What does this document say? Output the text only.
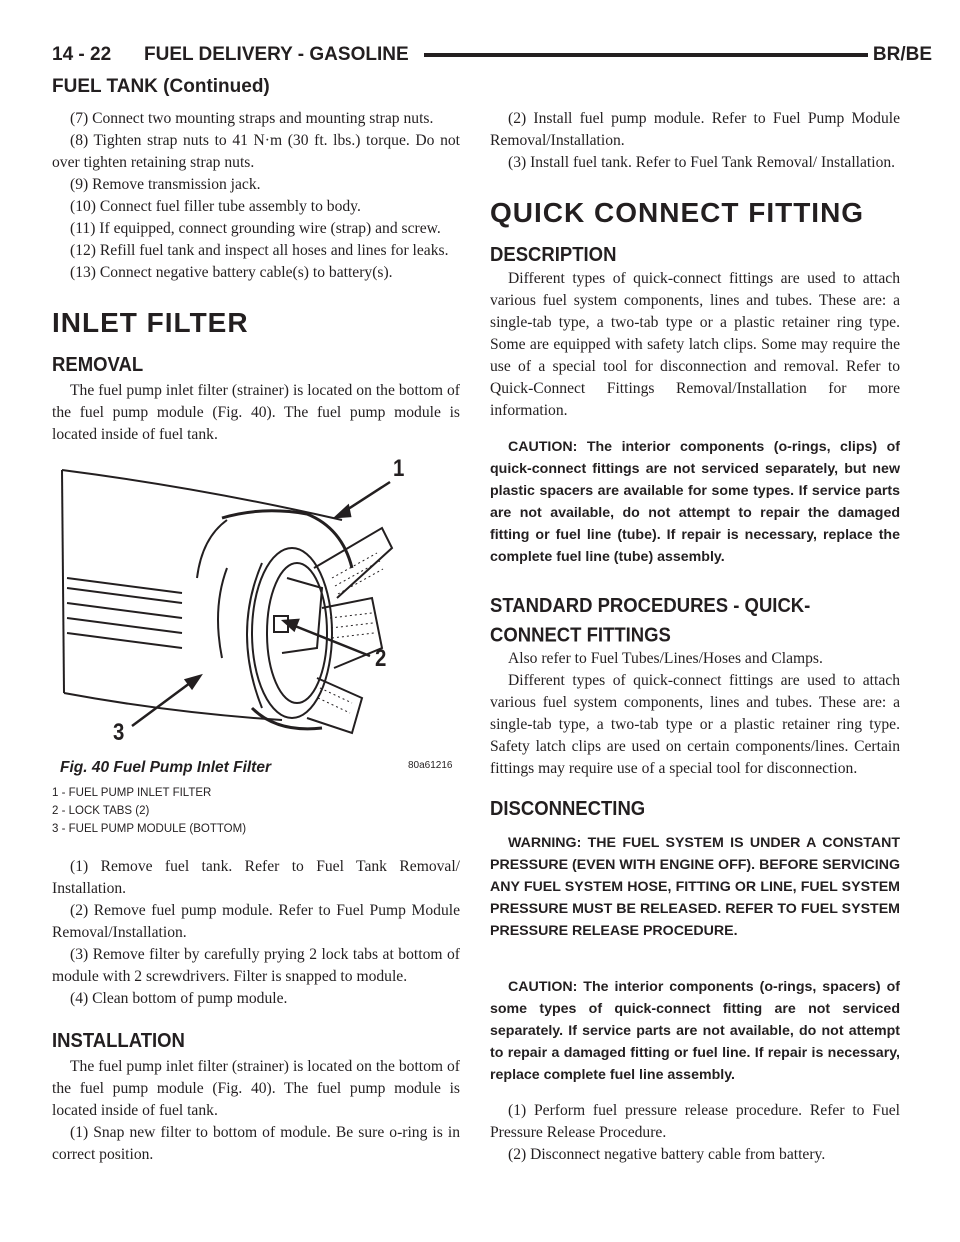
14 - 22 FUEL DELIVERY - GASOLINE	BR/BE
FUEL TANK (Continued)

(7) Connect two mounting straps and mounting strap nuts.

(8) Tighten strap nuts to 41 N·m (30 ft. lbs.) torque. Do not over tighten retaining strap nuts.

(9) Remove transmission jack.

(10) Connect fuel filler tube assembly to body.

(11) If equipped, connect grounding wire (strap) and screw.

(12) Refill fuel tank and inspect all hoses and lines for leaks.

(13) Connect negative battery cable(s) to battery(s).

INLET FILTER
REMOVAL

The fuel pump inlet filter (strainer) is located on the bottom of the fuel pump module (Fig. 40). The fuel pump module is located inside of fuel tank.

1
2
3
Fig. 40 Fuel Pump Inlet Filter	80a61216
1 - FUEL PUMP INLET FILTER
2 - LOCK TABS (2)
3 - FUEL PUMP MODULE (BOTTOM)

(1) Remove fuel tank. Refer to Fuel Tank Removal/ Installation.

(2) Remove fuel pump module. Refer to Fuel Pump Module Removal/Installation.

(3) Remove filter by carefully prying 2 lock tabs at bottom of module with 2 screwdrivers. Filter is snapped to module.

(4) Clean bottom of pump module.

INSTALLATION

The fuel pump inlet filter (strainer) is located on the bottom of the fuel pump module (Fig. 40). The fuel pump module is located inside of fuel tank.

(1) Snap new filter to bottom of module. Be sure o-ring is in correct position.

(2) Install fuel pump module. Refer to Fuel Pump Module Removal/Installation.

(3) Install fuel tank. Refer to Fuel Tank Removal/ Installation.

QUICK CONNECT FITTING
DESCRIPTION

Different types of quick-connect fittings are used to attach various fuel system components, lines and tubes. These are: a single-tab type, a two-tab type or a plastic retainer ring type. Some are equipped with safety latch clips. Some may require the use of a special tool for disconnection and removal. Refer to Quick-Connect Fittings Removal/Installation for more information.

CAUTION: The interior components (o-rings, clips) of quick-connect fittings are not serviced separately, but new plastic spacers are available for some types. If service parts are not available, do not attempt to repair the damaged fitting or fuel line (tube). If repair is necessary, replace the complete fuel line (tube) assembly.

STANDARD PROCEDURES - QUICK-CONNECT FITTINGS

Also refer to Fuel Tubes/Lines/Hoses and Clamps.

Different types of quick-connect fittings are used to attach various fuel system components, lines and tubes. These are: a single-tab type, a two-tab type or a plastic retainer ring type. Safety latch clips are used on certain components/lines. Certain fittings may require use of a special tool for disconnection.

DISCONNECTING

WARNING: THE FUEL SYSTEM IS UNDER A CONSTANT PRESSURE (EVEN WITH ENGINE OFF). BEFORE SERVICING ANY FUEL SYSTEM HOSE, FITTING OR LINE, FUEL SYSTEM PRESSURE MUST BE RELEASED. REFER TO FUEL SYSTEM PRESSURE RELEASE PROCEDURE.

CAUTION: The interior components (o-rings, spacers) of some types of quick-connect fitting are not serviced separately. If service parts are not available, do not attempt to repair a damaged fitting or fuel line. If repair is necessary, replace complete fuel line assembly.

(1) Perform fuel pressure release procedure. Refer to Fuel Pressure Release Procedure.

(2) Disconnect negative battery cable from battery.
